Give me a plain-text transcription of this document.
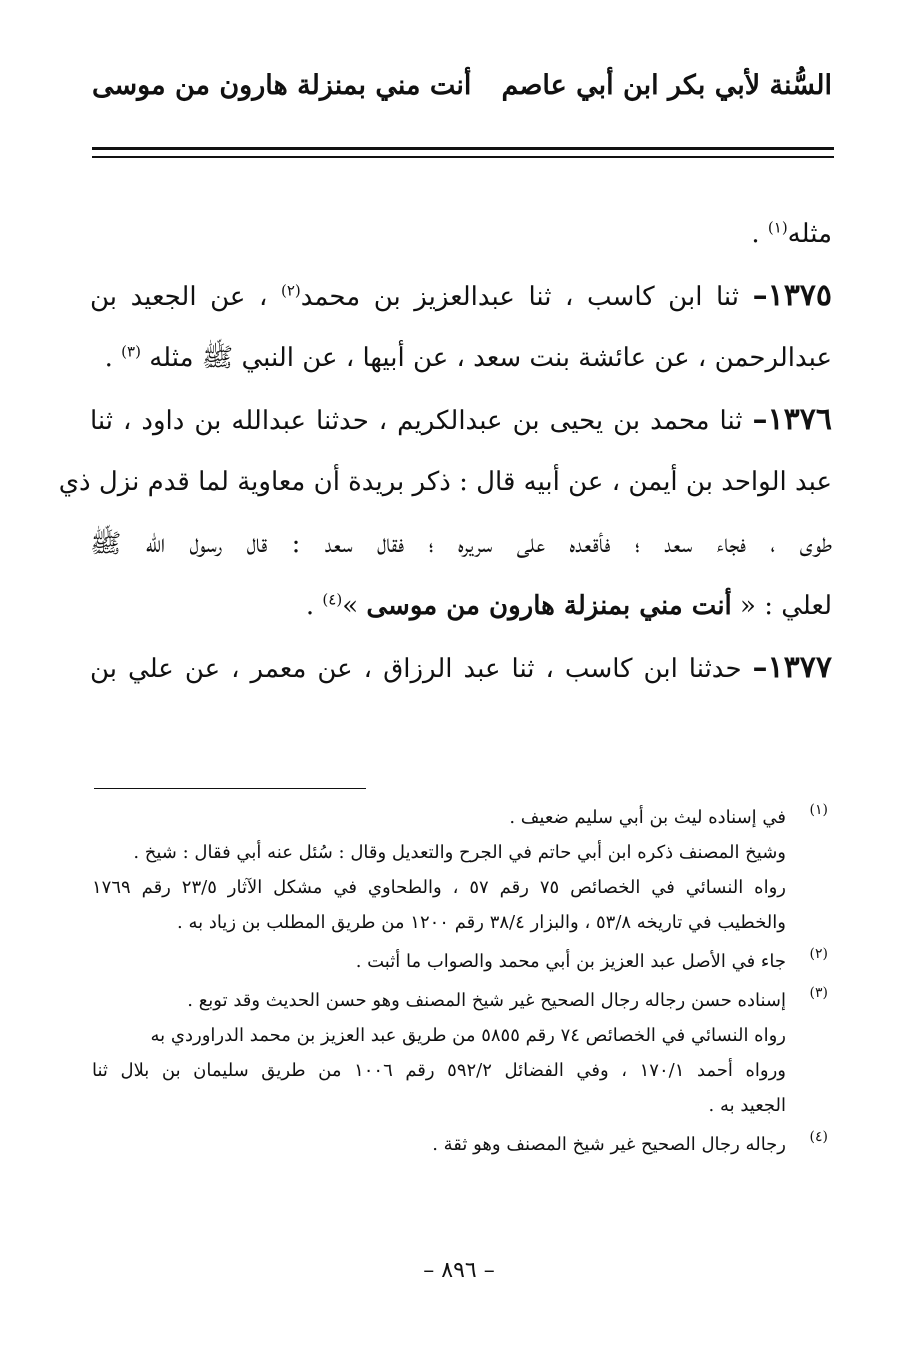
السُّنة لأبي بكر ابن أبي عاصم
أنت مني بمنزلة هارون من موسى
مثله$^{(١)}$ .
١٣٧٥– ثنا ابن كاسب ، ثنا عبدالعزيز بن محمد$^{(٢)}$ ، عن الجعيد بن
عبدالرحمن ، عن عائشة بنت سعد ، عن أبيها ، عن النبي ﷺ مثله $^{(٣)}$ .
١٣٧٦– ثنا محمد بن يحيى بن عبدالكريم ، حدثنا عبدالله بن داود ، ثنا
عبد الواحد بن أيمن ، عن أبيه قال : ذكر بريدة أن معاوية لما قدم نزل ذي
طوى ، فجاء سعد ؛ فأقعده على سريره ؛ فقال سعد : قال رسول الله ﷺ
لعلي : « أنت مني بمنزلة هارون من موسى »$^{(٤)}$ .
١٣٧٧– حدثنا ابن كاسب ، ثنا عبد الرزاق ، عن معمر ، عن علي بن
(١)
في إسناده ليث بن أبي سليم ضعيف .
وشيخ المصنف ذكره ابن أبي حاتم في الجرح والتعديل وقال : سُئل عنه أبي فقال : شيخ .
رواه النسائي في الخصائص ٧٥ رقم ٥٧ ، والطحاوي في مشكل الآثار ٢٣/٥ رقم ١٧٦٩
والخطيب في تاريخه ٥٣/٨ ، والبزار ٣٨/٤ رقم ١٢٠٠ من طريق المطلب بن زياد به .
(٢)
جاء في الأصل عبد العزيز بن أبي محمد والصواب ما أثبت .
(٣)
إسناده حسن رجاله رجال الصحيح غير شيخ المصنف وهو حسن الحديث وقد توبع .
رواه النسائي في الخصائص ٧٤ رقم ٥٨٥٥ من طريق عبد العزيز بن محمد الدراوردي به
ورواه أحمد ١٧٠/١ ، وفي الفضائل ٥٩٢/٢ رقم ١٠٠٦ من طريق سليمان بن بلال ثنا
الجعيد به .
(٤)
رجاله رجال الصحيح غير شيخ المصنف وهو ثقة .
– ٨٩٦ –
